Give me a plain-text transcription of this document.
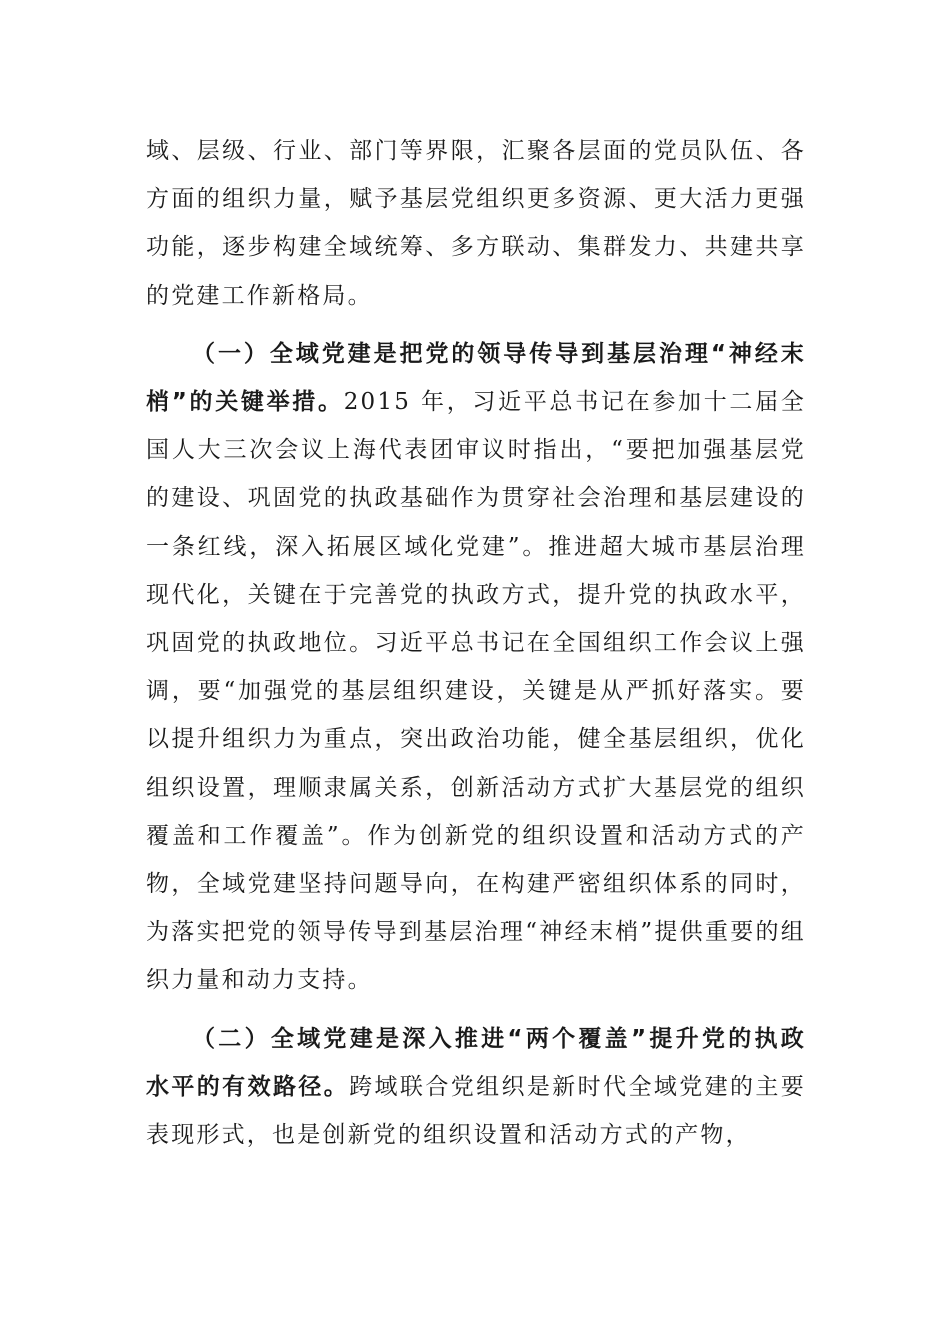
域、层级、行业、部门等界限，汇聚各层面的党员队伍、各方面的组织力量，赋予基层党组织更多资源、更大活力更强功能，逐步构建全域统筹、多方联动、集群发力、共建共享的党建工作新格局。

（一）全域党建是把党的领导传导到基层治理“神经末梢”的关键举措。2015 年，习近平总书记在参加十二届全国人大三次会议上海代表团审议时指出，“要把加强基层党的建设、巩固党的执政基础作为贯穿社会治理和基层建设的一条红线，深入拓展区域化党建”。推进超大城市基层治理现代化，关键在于完善党的执政方式，提升党的执政水平，巩固党的执政地位。习近平总书记在全国组织工作会议上强调，要“加强党的基层组织建设，关键是从严抓好落实。要以提升组织力为重点，突出政治功能，健全基层组织，优化组织设置，理顺隶属关系，创新活动方式扩大基层党的组织覆盖和工作覆盖”。作为创新党的组织设置和活动方式的产物，全域党建坚持问题导向，在构建严密组织体系的同时，为落实把党的领导传导到基层治理“神经末梢”提供重要的组织力量和动力支持。

（二）全域党建是深入推进“两个覆盖”提升党的执政水平的有效路径。跨域联合党组织是新时代全域党建的主要表现形式，也是创新党的组织设置和活动方式的产物，
